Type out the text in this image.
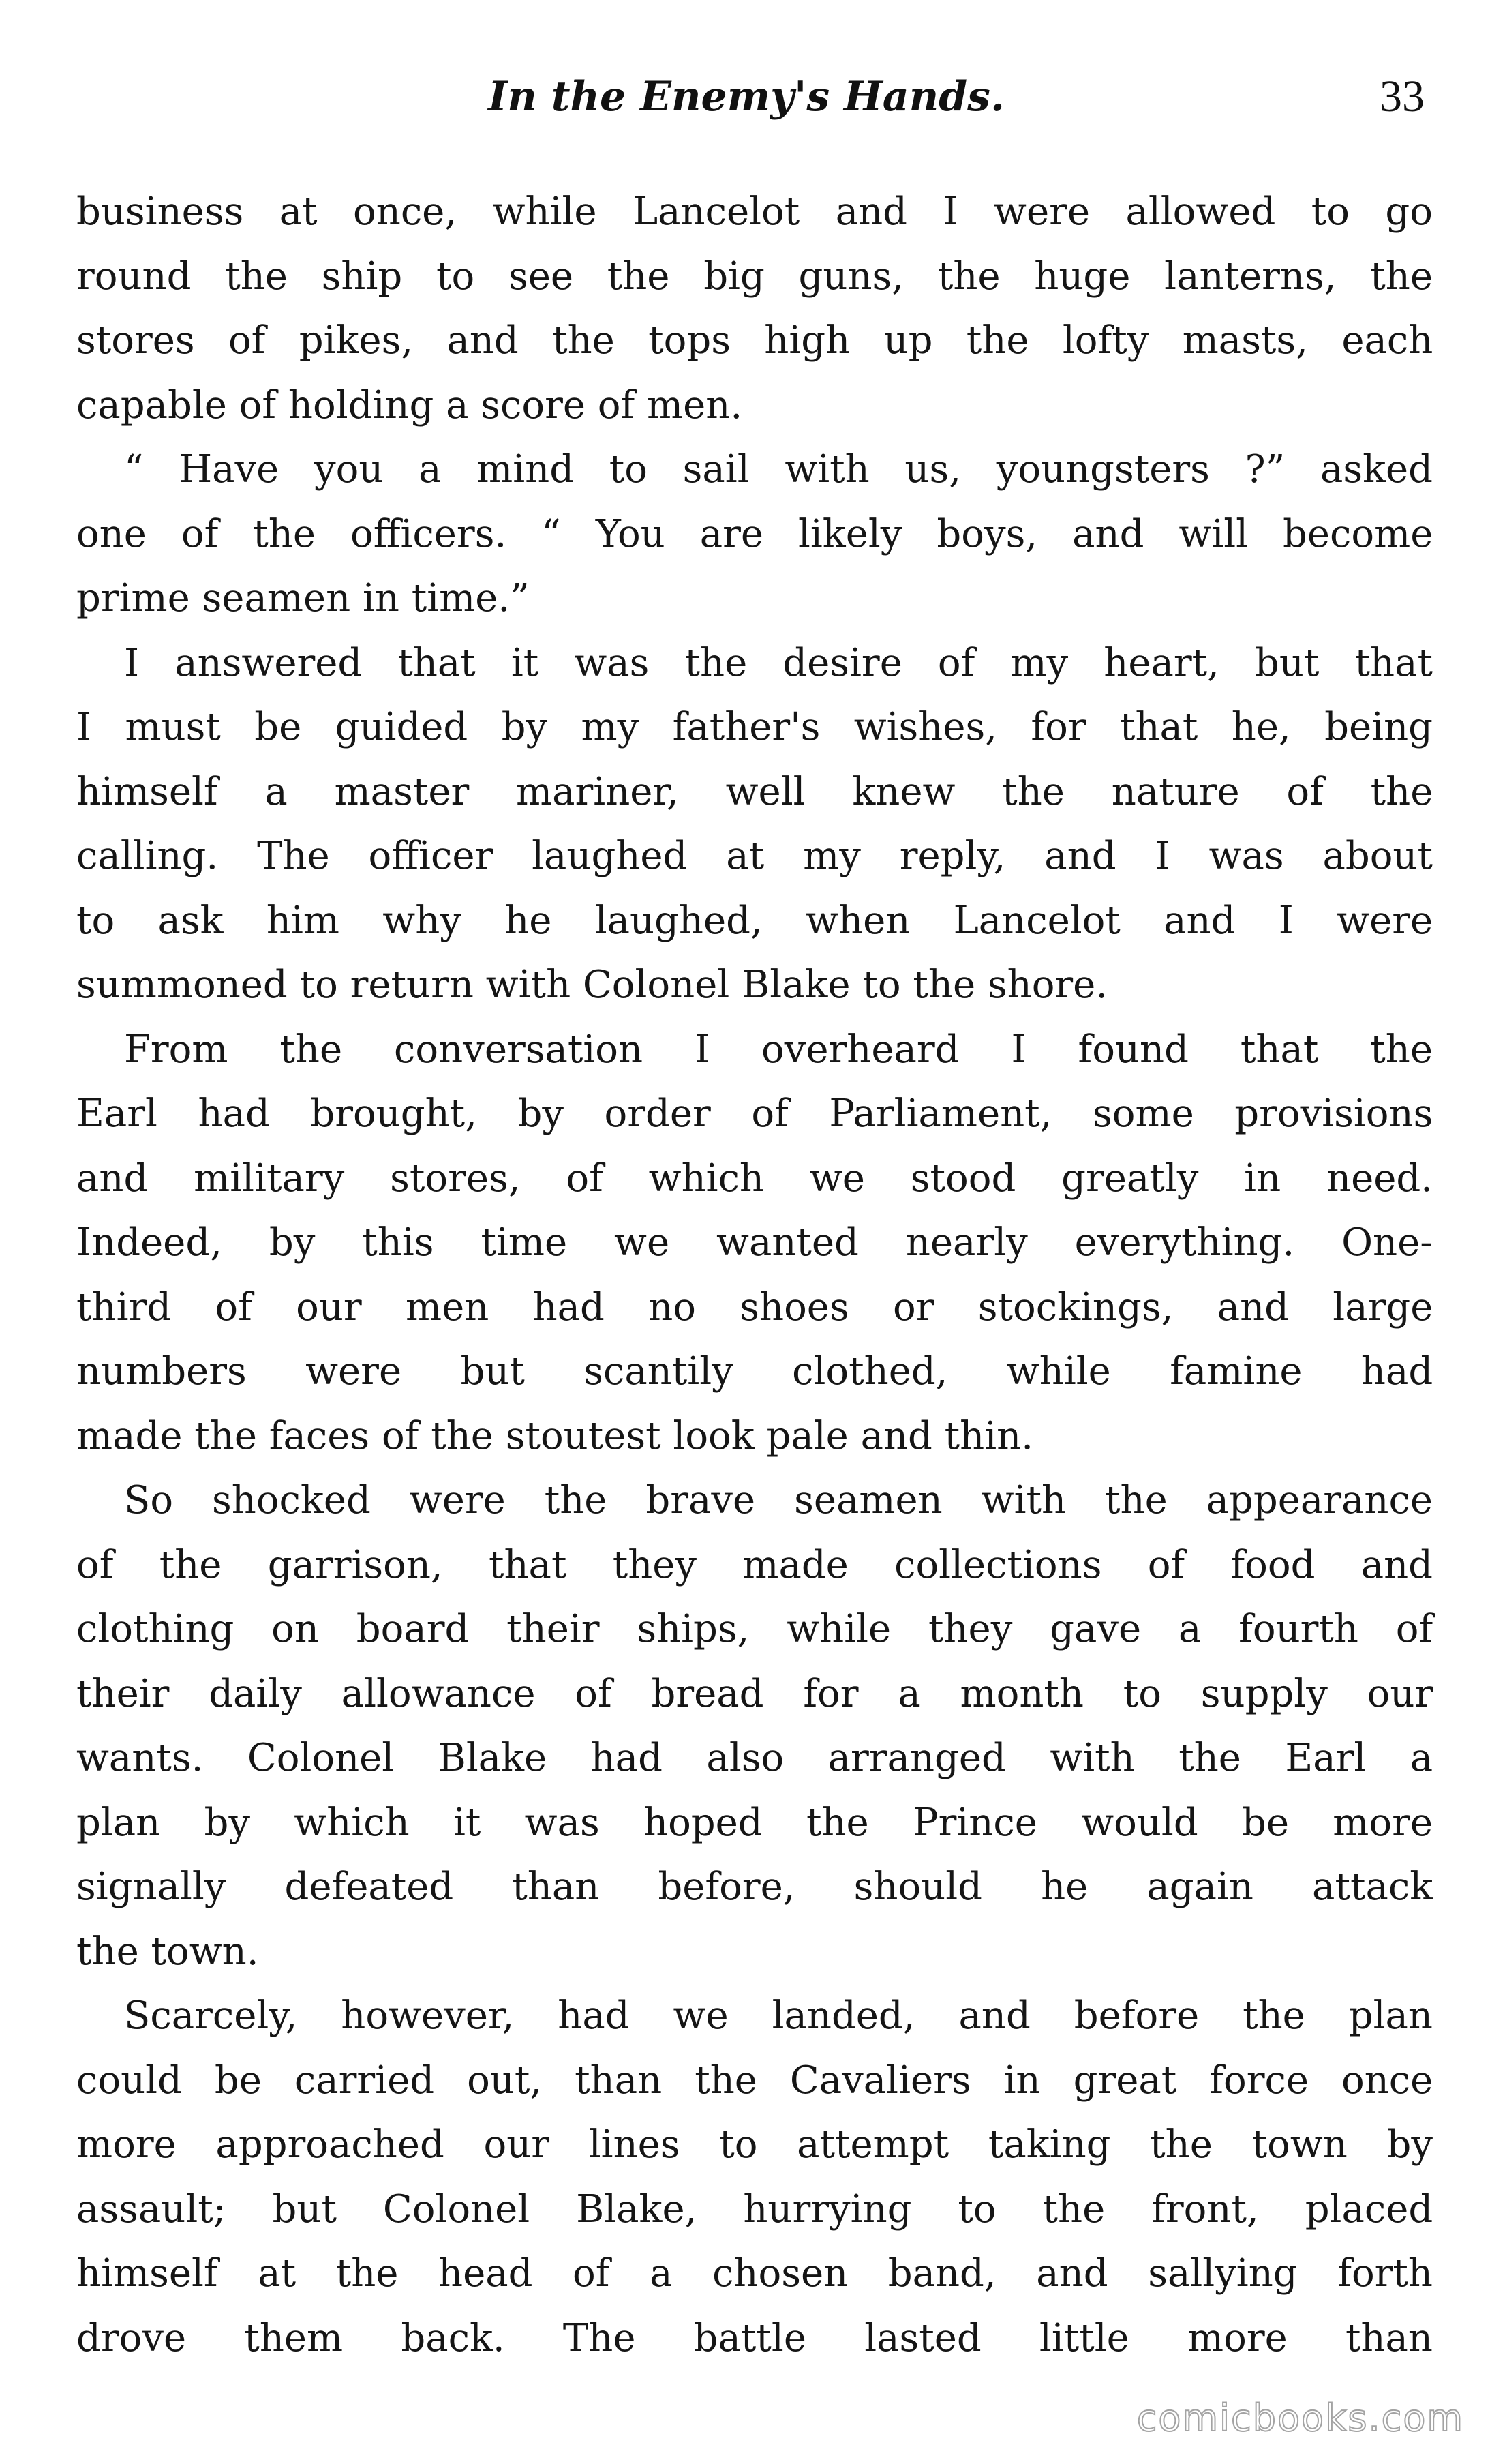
In the Enemy's Hands.	33

business at once, while Lancelot and I were allowed to go
round the ship to see the big guns, the huge lanterns, the
stores of pikes, and the tops high up the lofty masts, each
capable of holding a score of men.

“ Have you a mind to sail with us, youngsters ?” asked
one of the officers. “ You are likely boys, and will become
prime seamen in time.”

I answered that it was the desire of my heart, but that
I must be guided by my father's wishes, for that he, being
himself a master mariner, well knew the nature of the
calling. The officer laughed at my reply, and I was about
to ask him why he laughed, when Lancelot and I were
summoned to return with Colonel Blake to the shore.

From the conversation I overheard I found that the
Earl had brought, by order of Parliament, some provisions
and military stores, of which we stood greatly in need.
Indeed, by this time we wanted nearly everything. One-
third of our men had no shoes or stockings, and large
numbers were but scantily clothed, while famine had
made the faces of the stoutest look pale and thin.

So shocked were the brave seamen with the appearance
of the garrison, that they made collections of food and
clothing on board their ships, while they gave a fourth of
their daily allowance of bread for a month to supply our
wants. Colonel Blake had also arranged with the Earl a
plan by which it was hoped the Prince would be more
signally defeated than before, should he again attack
the town.

Scarcely, however, had we landed, and before the plan
could be carried out, than the Cavaliers in great force once
more approached our lines to attempt taking the town by
assault; but Colonel Blake, hurrying to the front, placed
himself at the head of a chosen band, and sallying forth
drove them back. The battle lasted little more than

comicbooks.com
